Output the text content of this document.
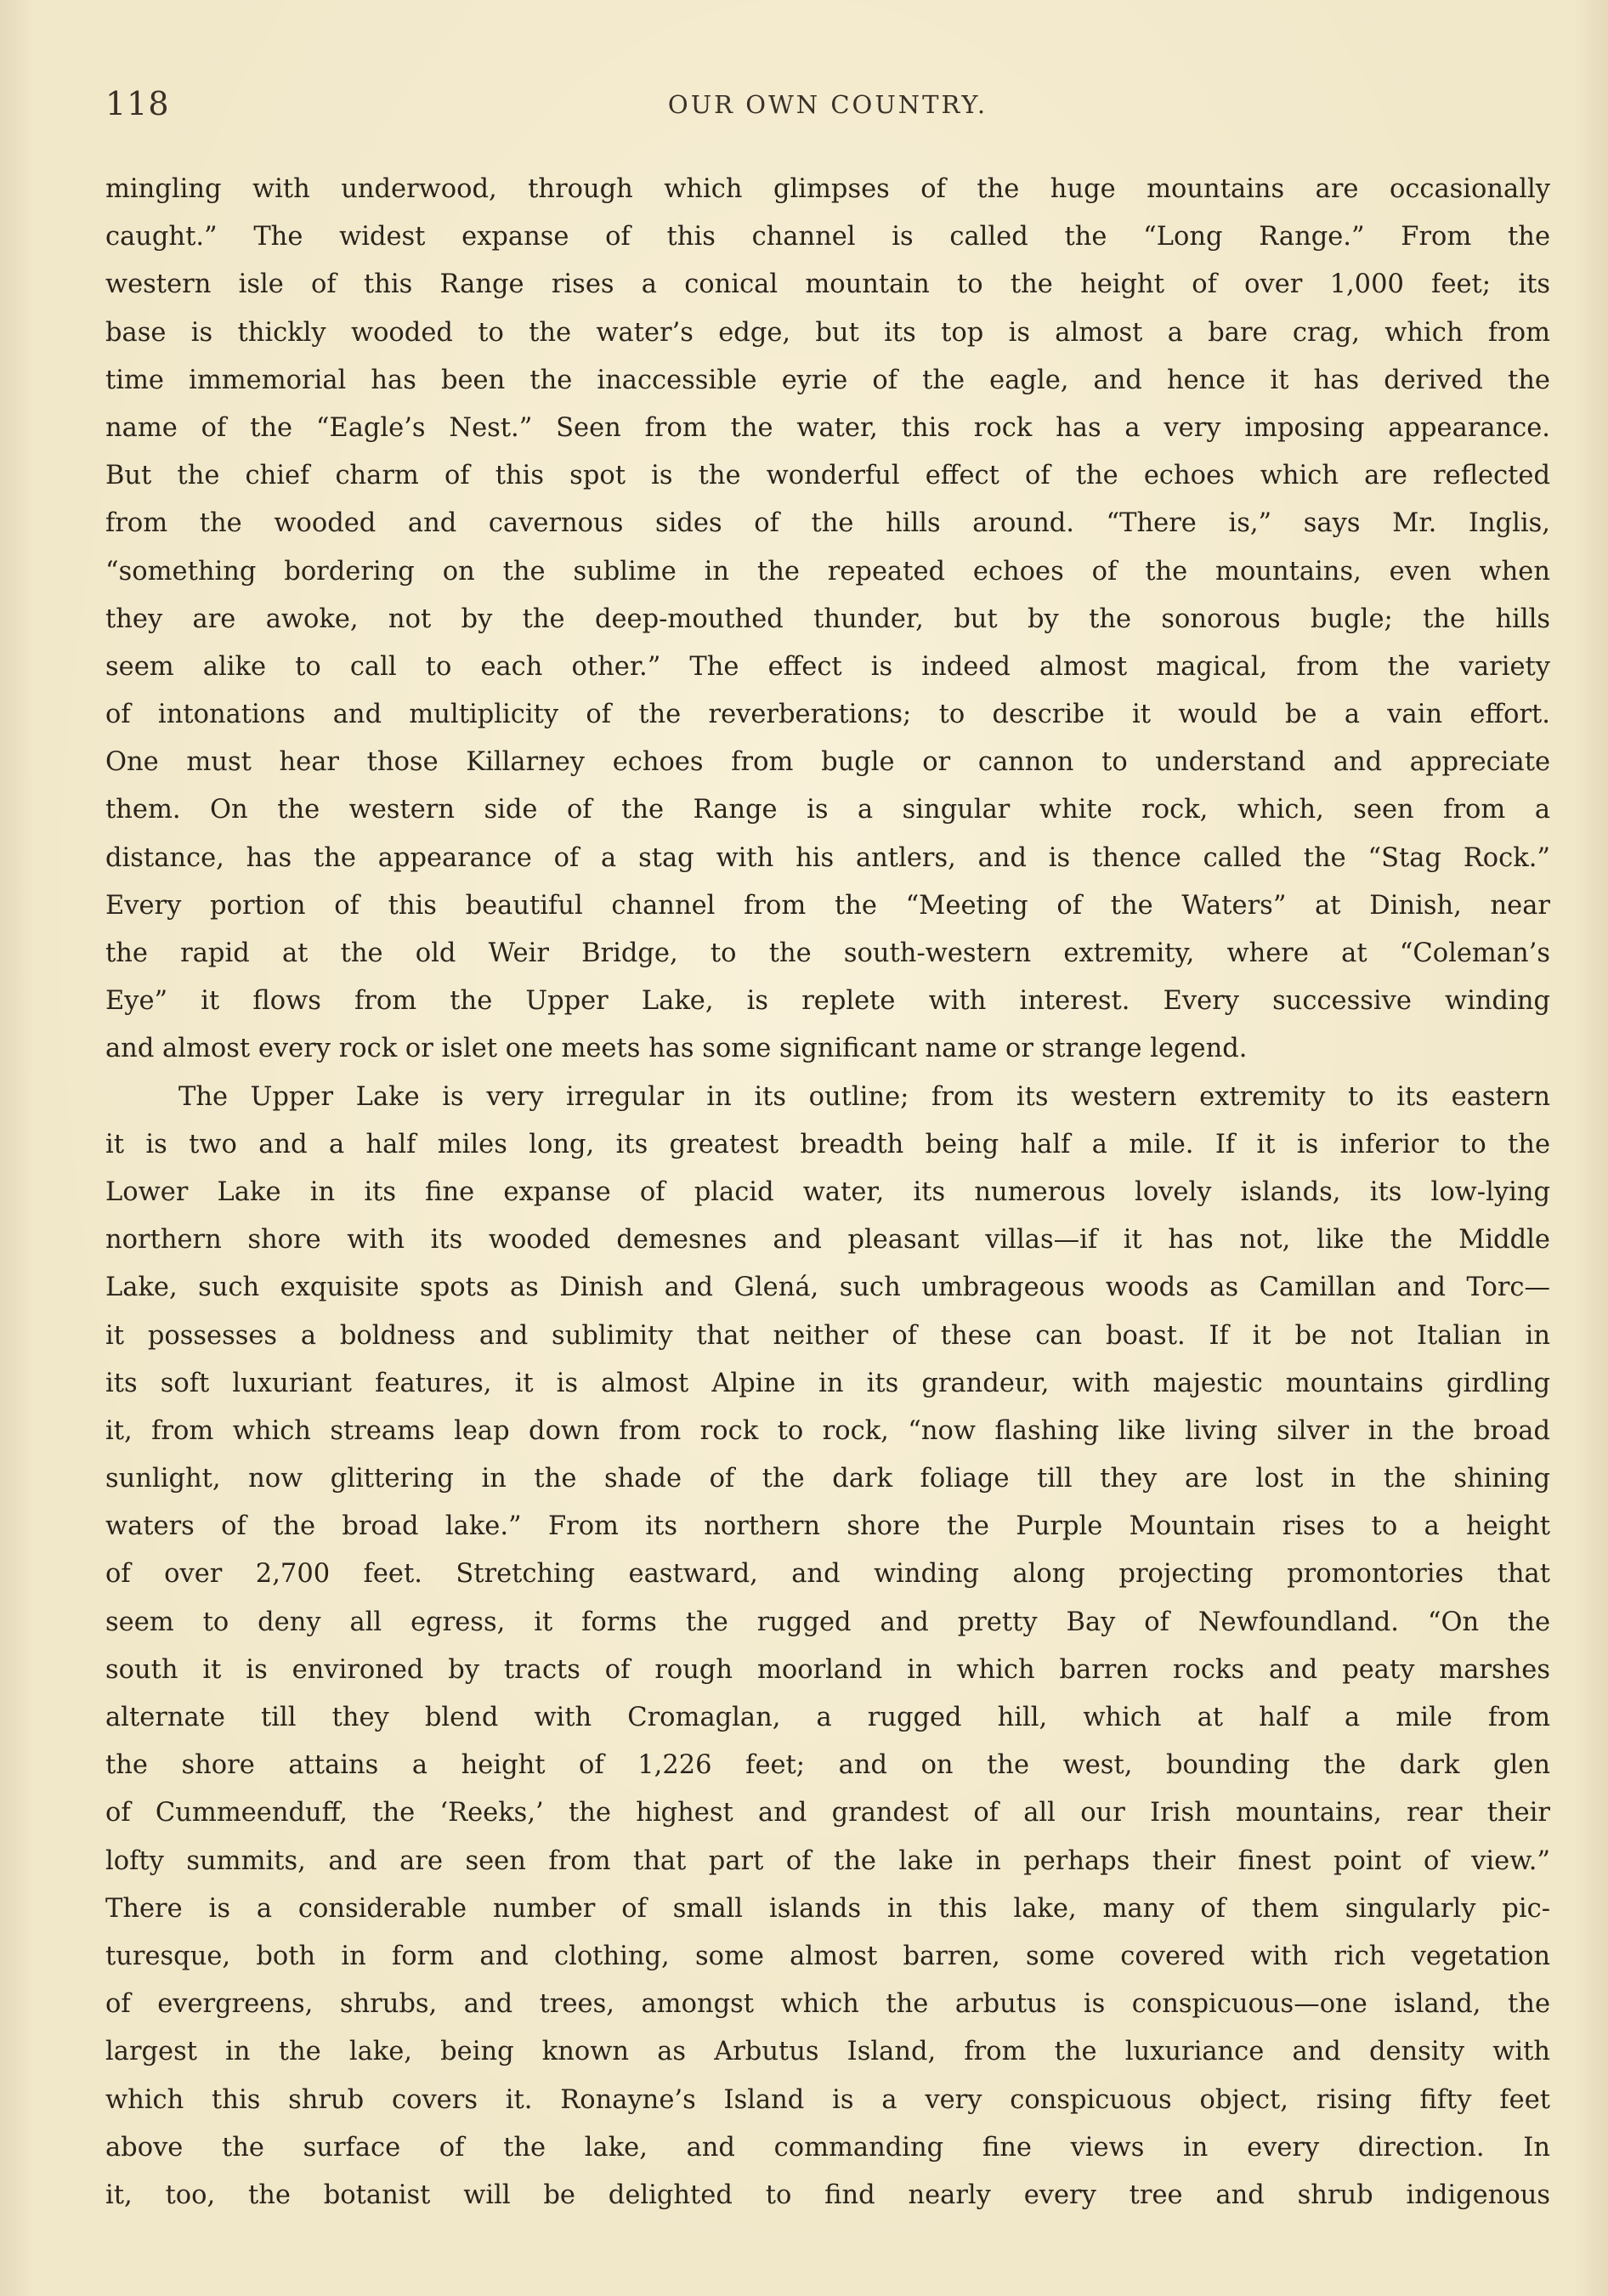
118	OUR OWN COUNTRY.
mingling with underwood, through which glimpses of the huge mountains are occasionally
caught.” The widest expanse of this channel is called the “Long Range.” From the
western isle of this Range rises a conical mountain to the height of over 1,000 feet; its
base is thickly wooded to the water’s edge, but its top is almost a bare crag, which from
time immemorial has been the inaccessible eyrie of the eagle, and hence it has derived the
name of the “Eagle’s Nest.” Seen from the water, this rock has a very imposing appearance.
But the chief charm of this spot is the wonderful effect of the echoes which are reflected
from the wooded and cavernous sides of the hills around. “There is,” says Mr. Inglis,
“something bordering on the sublime in the repeated echoes of the mountains, even when
they are awoke, not by the deep-mouthed thunder, but by the sonorous bugle; the hills
seem alike to call to each other.” The effect is indeed almost magical, from the variety
of intonations and multiplicity of the reverberations; to describe it would be a vain effort.
One must hear those Killarney echoes from bugle or cannon to understand and appreciate
them. On the western side of the Range is a singular white rock, which, seen from a
distance, has the appearance of a stag with his antlers, and is thence called the “Stag Rock.”
Every portion of this beautiful channel from the “Meeting of the Waters” at Dinish, near
the rapid at the old Weir Bridge, to the south-western extremity, where at “Coleman’s
Eye” it flows from the Upper Lake, is replete with interest. Every successive winding
and almost every rock or islet one meets has some significant name or strange legend.
The Upper Lake is very irregular in its outline; from its western extremity to its eastern
it is two and a half miles long, its greatest breadth being half a mile. If it is inferior to the
Lower Lake in its fine expanse of placid water, its numerous lovely islands, its low-lying
northern shore with its wooded demesnes and pleasant villas—if it has not, like the Middle
Lake, such exquisite spots as Dinish and Glená, such umbrageous woods as Camillan and Torc—
it possesses a boldness and sublimity that neither of these can boast. If it be not Italian in
its soft luxuriant features, it is almost Alpine in its grandeur, with majestic mountains girdling
it, from which streams leap down from rock to rock, “now flashing like living silver in the broad
sunlight, now glittering in the shade of the dark foliage till they are lost in the shining
waters of the broad lake.” From its northern shore the Purple Mountain rises to a height
of over 2,700 feet. Stretching eastward, and winding along projecting promontories that
seem to deny all egress, it forms the rugged and pretty Bay of Newfoundland. “On the
south it is environed by tracts of rough moorland in which barren rocks and peaty marshes
alternate till they blend with Cromaglan, a rugged hill, which at half a mile from
the shore attains a height of 1,226 feet; and on the west, bounding the dark glen
of Cummeenduff, the ‘Reeks,’ the highest and grandest of all our Irish mountains, rear their
lofty summits, and are seen from that part of the lake in perhaps their finest point of view.”
There is a considerable number of small islands in this lake, many of them singularly pic-
turesque, both in form and clothing, some almost barren, some covered with rich vegetation
of evergreens, shrubs, and trees, amongst which the arbutus is conspicuous—one island, the
largest in the lake, being known as Arbutus Island, from the luxuriance and density with
which this shrub covers it. Ronayne’s Island is a very conspicuous object, rising fifty feet
above the surface of the lake, and commanding fine views in every direction. In
it, too, the botanist will be delighted to find nearly every tree and shrub indigenous
